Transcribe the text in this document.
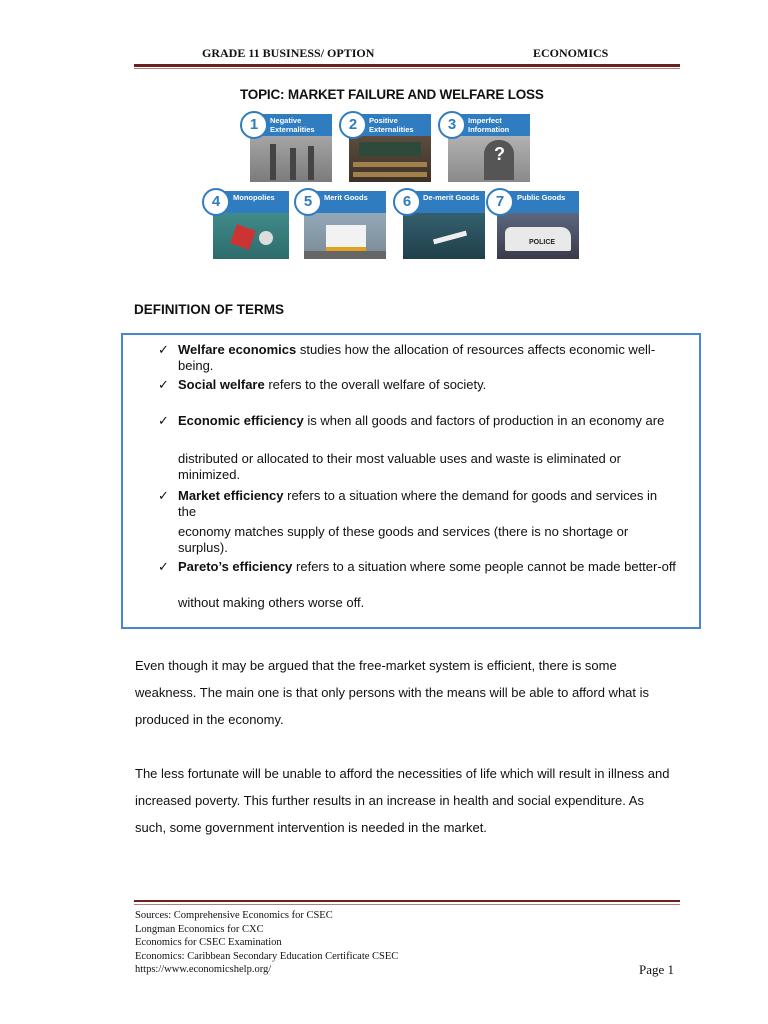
GRADE 11 BUSINESS/ OPTION	ECONOMICS
TOPIC: MARKET FAILURE AND WELFARE LOSS
Negative Externalities
1	Positive Externalities
2	Imperfect Information
?
3
Monopolies
4	Merit Goods
5	De-merit Goods
6	Public Goods
POLICE
7
DEFINITION OF TERMS
✓ Welfare economics studies how the allocation of resources affects economic well-being.
✓ Social welfare refers to the overall welfare of society.
✓ Economic efficiency is when all goods and factors of production in an economy are
distributed or allocated to their most valuable uses and waste is eliminated or minimized.
✓ Market efficiency refers to a situation where the demand for goods and services in the
economy matches supply of these goods and services (there is no shortage or surplus).
✓ Pareto’s efficiency refers to a situation where some people cannot be made better-off
without making others worse off.
Even though it may be argued that the free-market system is efficient, there is some weakness. The main one is that only persons with the means will be able to afford what is produced in the economy.
The less fortunate will be unable to afford the necessities of life which will result in illness and increased poverty. This further results in an increase in health and social expenditure. As such, some government intervention is needed in the market.
Sources: Comprehensive Economics for CSEC
Longman Economics for CXC
Economics for CSEC Examination
Economics: Caribbean Secondary Education Certificate CSEC
https://www.economicshelp.org/	Page 1
